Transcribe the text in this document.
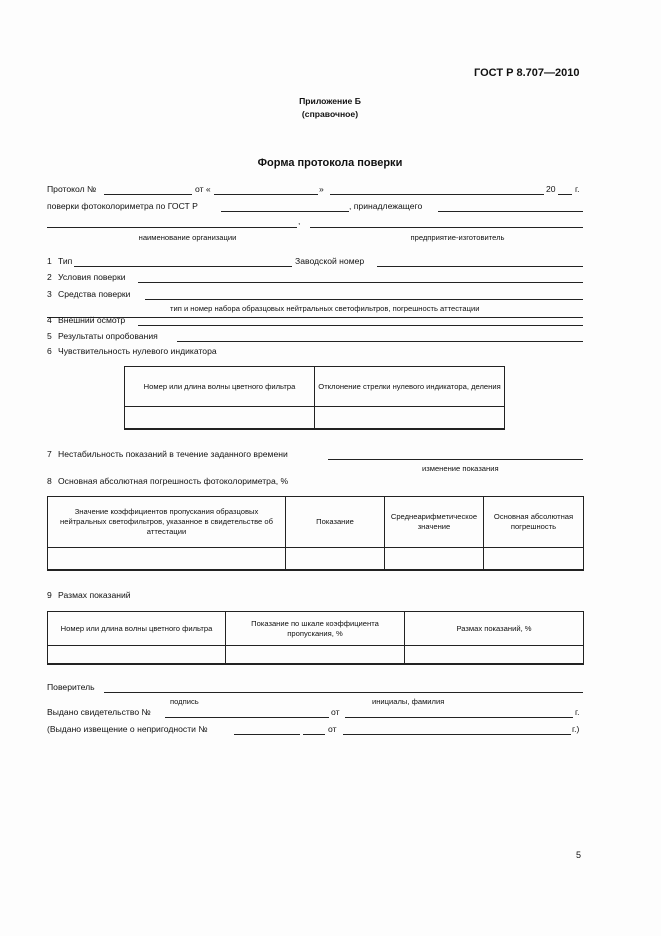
ГОСТ Р 8.707—2010
Приложение Б
(справочное)
Форма протокола поверки
Протокол №	от «	»	20 г.
поверки фотоколориметра по ГОСТ Р	, принадлежащего
,
наименование организации	предприятие-изготовитель
1 Тип	Заводской номер
2 Условия поверки
3 Средства поверки
тип и номер набора образцовых нейтральных светофильтров, погрешность аттестации
4 Внешний осмотр
5 Результаты опробования
6 Чувствительность нулевого индикатора
Номер или длина волны цветного фильтра	Отклонение стрелки нулевого индикатора, деления

7 Нестабильность показаний в течение заданного времени
изменение показания
8 Основная абсолютная погрешность фотоколориметра, %
Значение коэффициентов пропускания образцовых нейтральных светофильтров, указанное в свидетельстве об аттестации	Показание	Среднеарифметическое значение	Основная абсолютная погрешность

9 Размах показаний
Номер или длина волны цветного фильтра	Показание по шкале коэффициента пропускания, %	Размах показаний, %

Поверитель
подпись	инициалы, фамилия
Выдано свидетельство №	от	г.
(Выдано извещение о непригодности №	от	г.)
5
